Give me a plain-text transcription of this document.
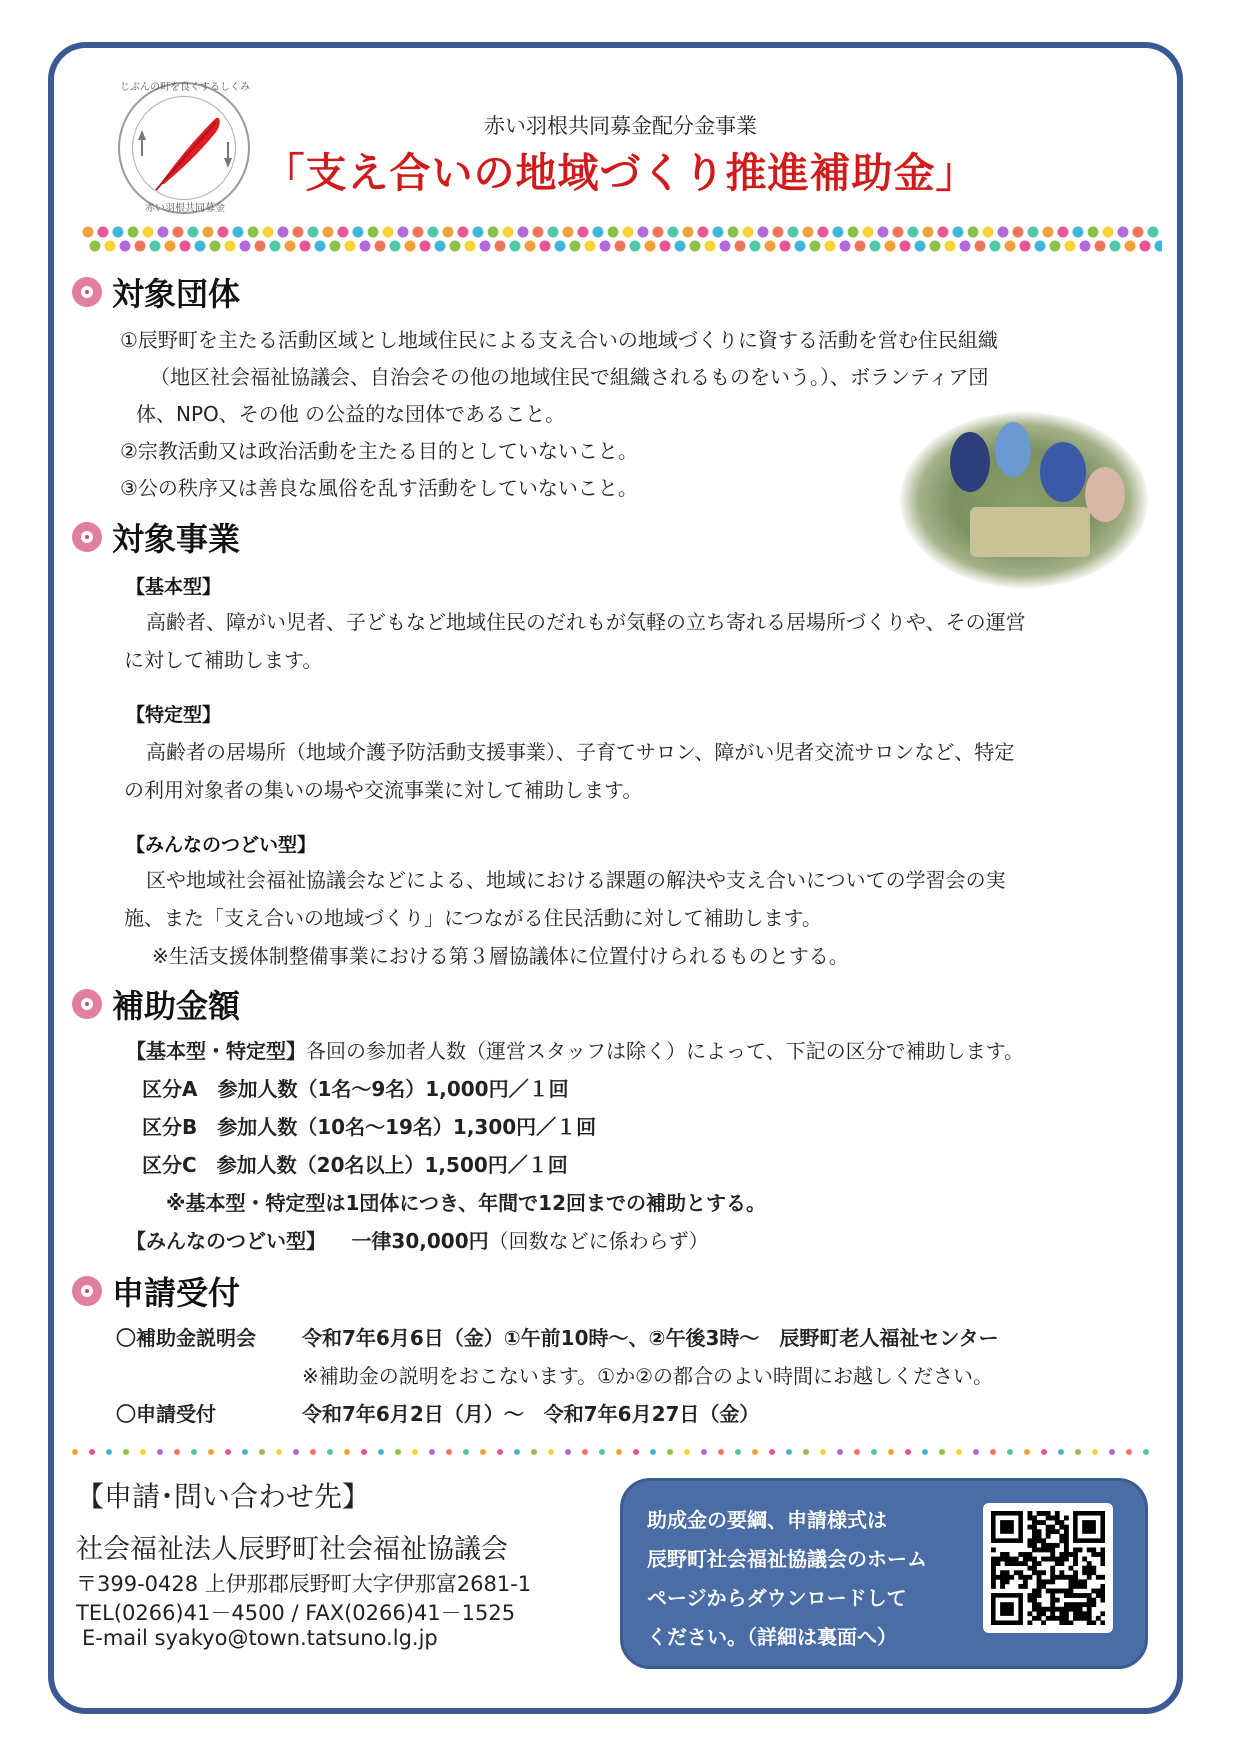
じぶんの町を良くするしくみ
赤い羽根共同募金
赤い羽根共同募金配分金事業
「支え合いの地域づくり推進補助金」
対象団体
①辰野町を主たる活動区域とし地域住民による支え合いの地域づくりに資する活動を営む住民組織
（地区社会福祉協議会、自治会その他の地域住民で組織されるものをいう。）、ボランティア団
体、NPO、その他 の公益的な団体であること。
②宗教活動又は政治活動を主たる目的としていないこと。
③公の秩序又は善良な風俗を乱す活動をしていないこと。
対象事業
【基本型】
高齢者、障がい児者、子どもなど地域住民のだれもが気軽の立ち寄れる居場所づくりや、その運営
に対して補助します。
【特定型】
高齢者の居場所（地域介護予防活動支援事業）、子育てサロン、障がい児者交流サロンなど、特定
の利用対象者の集いの場や交流事業に対して補助します。
【みんなのつどい型】
区や地域社会福祉協議会などによる、地域における課題の解決や支え合いについての学習会の実
施、また「支え合いの地域づくり」につながる住民活動に対して補助します。
※生活支援体制整備事業における第３層協議体に位置付けられるものとする。
補助金額
【基本型・特定型】各回の参加者人数（運営スタッフは除く）によって、下記の区分で補助します。
区分A　参加人数（1名～9名）1,000円／１回
区分B　参加人数（10名～19名）1,300円／１回
区分C　参加人数（20名以上）1,500円／１回
※基本型・特定型は1団体につき、年間で12回までの補助とする。
【みんなのつどい型】 一律30,000円（回数などに係わらず）
申請受付
〇補助金説明会 令和7年6月6日（金）①午前10時～、②午後3時～　辰野町老人福祉センター
※補助金の説明をおこないます。①か②の都合のよい時間にお越しください。
〇申請受付	令和7年6月2日（月）～　令和7年6月27日（金）
【申請･問い合わせ先】
社会福祉法人辰野町社会福祉協議会
〒399-0428 上伊那郡辰野町大字伊那富2681-1
TEL(0266)41－4500 / FAX(0266)41－1525
E-mail syakyo@town.tatsuno.lg.jp
助成金の要綱、申請様式は
辰野町社会福祉協議会のホーム
ページからダウンロードして
ください。（詳細は裏面へ）
